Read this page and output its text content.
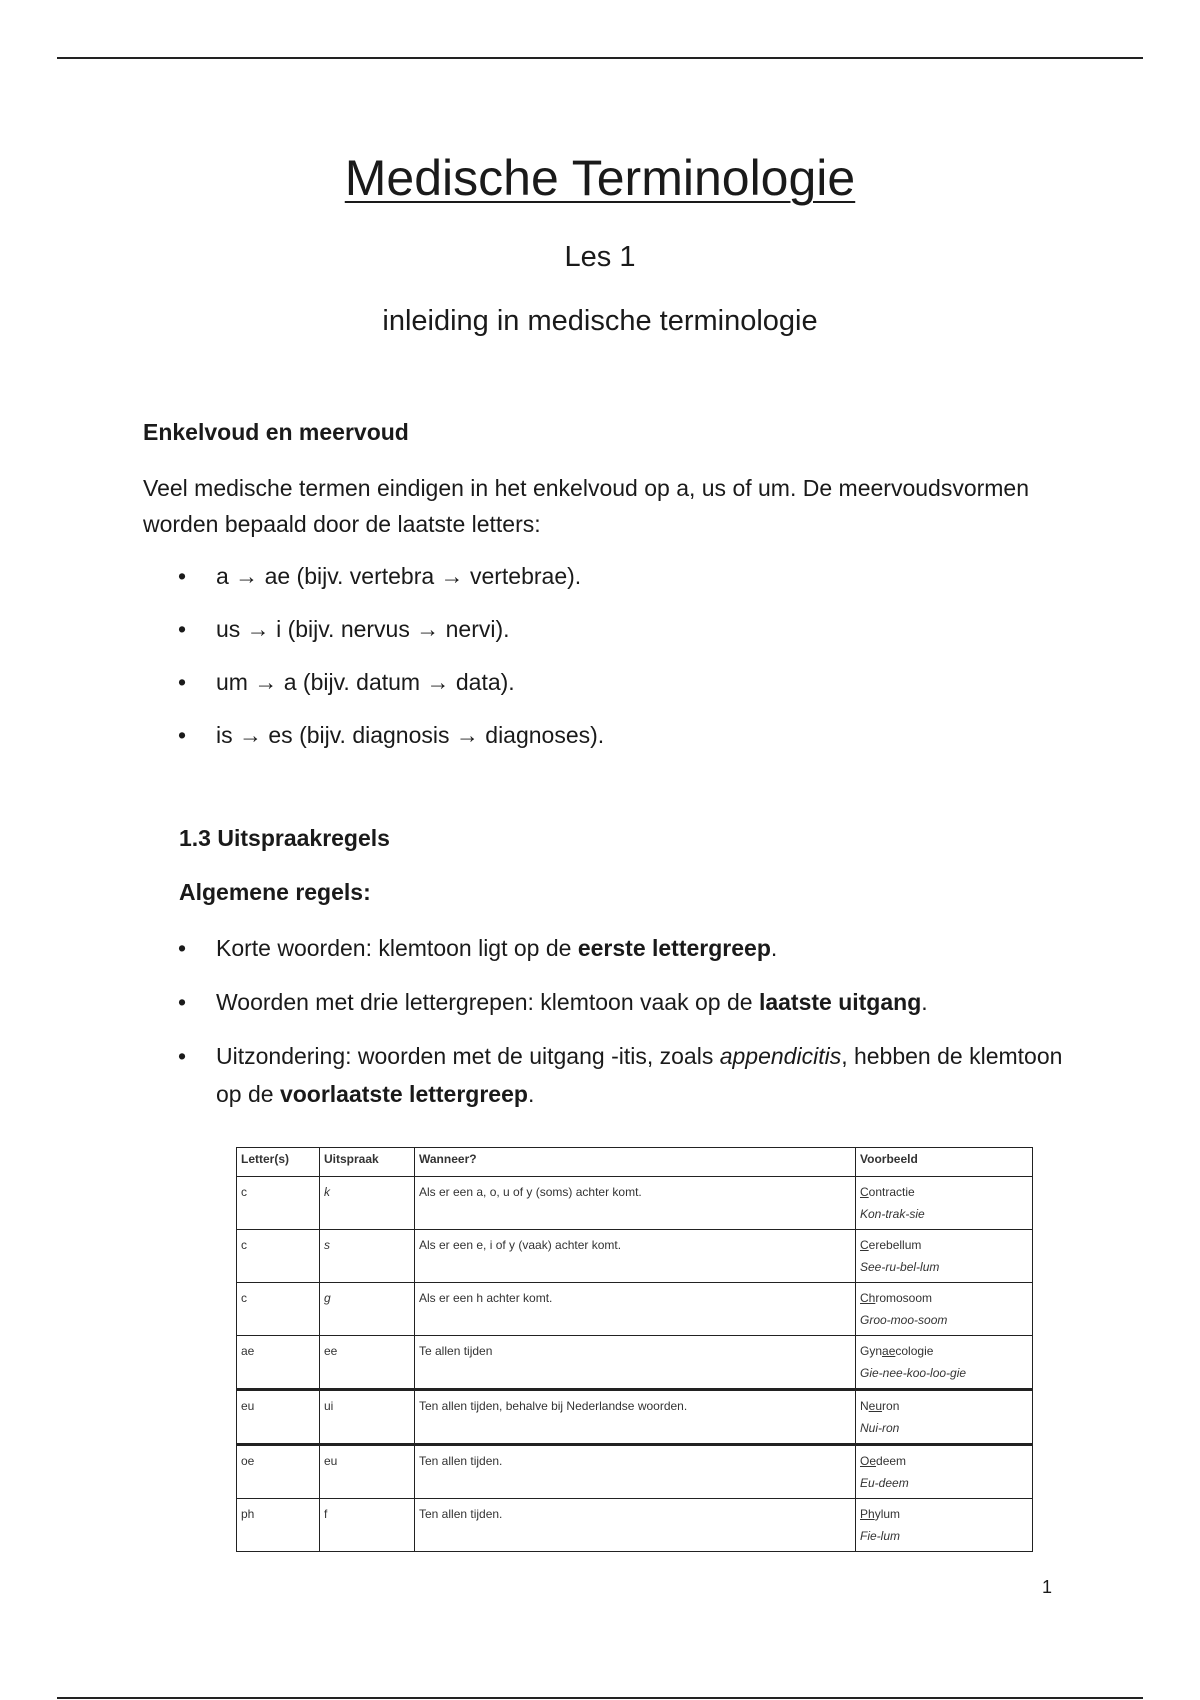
Medische Terminologie
Les 1
inleiding in medische terminologie
Enkelvoud en meervoud
Veel medische termen eindigen in het enkelvoud op a, us of um. De meervoudsvormen worden bepaald door de laatste letters:
• a → ae (bijv. vertebra → vertebrae).
• us → i (bijv. nervus → nervi).
• um → a (bijv. datum → data).
• is → es (bijv. diagnosis → diagnoses).
1.3 Uitspraakregels
Algemene regels:
• Korte woorden: klemtoon ligt op de eerste lettergreep.
• Woorden met drie lettergrepen: klemtoon vaak op de laatste uitgang.
• Uitzondering: woorden met de uitgang -itis, zoals appendicitis, hebben de klemtoon op de voorlaatste lettergreep.
Letter(s)	Uitspraak	Wanneer?	Voorbeeld
c	k	Als er een a, o, u of y (soms) achter komt.	Contractie
Kon-trak-sie

c	s	Als er een e, i of y (vaak) achter komt.	Cerebellum
See-ru-bel-lum

c	g	Als er een h achter komt.	Chromosoom
Groo-moo-soom

ae	ee	Te allen tijden	Gynaecologie
Gie-nee-koo-loo-gie

eu	ui	Ten allen tijden, behalve bij Nederlandse woorden.	Neuron
Nui-ron

oe	eu	Ten allen tijden.	Oedeem
Eu-deem

ph	f	Ten allen tijden.	Phylum
Fie-lum
1
